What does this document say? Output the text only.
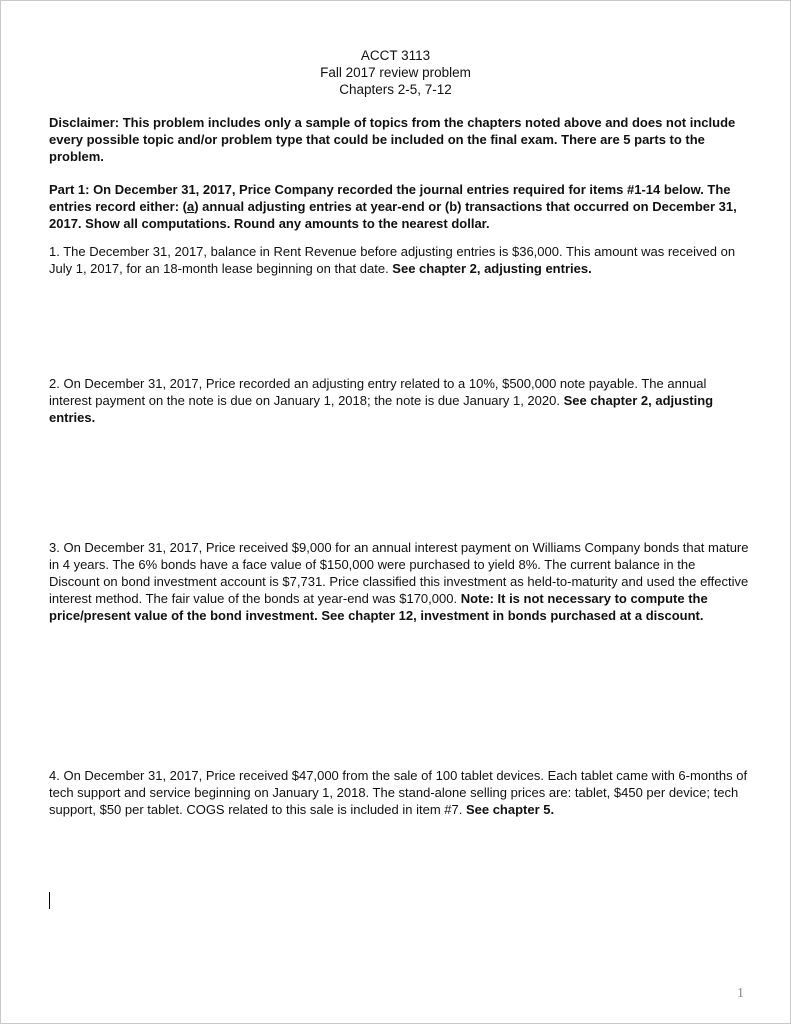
ACCT 3113
Fall 2017 review problem
Chapters 2-5, 7-12
Disclaimer: This problem includes only a sample of topics from the chapters noted above and does not include every possible topic and/or problem type that could be included on the final exam. There are 5 parts to the problem.
Part 1: On December 31, 2017, Price Company recorded the journal entries required for items #1-14 below. The entries record either: (a) annual adjusting entries at year-end or (b) transactions that occurred on December 31, 2017. Show all computations. Round any amounts to the nearest dollar.
1. The December 31, 2017, balance in Rent Revenue before adjusting entries is $36,000. This amount was received on July 1, 2017, for an 18-month lease beginning on that date. See chapter 2, adjusting entries.
2. On December 31, 2017, Price recorded an adjusting entry related to a 10%, $500,000 note payable. The annual interest payment on the note is due on January 1, 2018; the note is due January 1, 2020. See chapter 2, adjusting entries.
3. On December 31, 2017, Price received $9,000 for an annual interest payment on Williams Company bonds that mature in 4 years. The 6% bonds have a face value of $150,000 were purchased to yield 8%. The current balance in the Discount on bond investment account is $7,731. Price classified this investment as held-to-maturity and used the effective interest method. The fair value of the bonds at year-end was $170,000. Note: It is not necessary to compute the price/present value of the bond investment. See chapter 12, investment in bonds purchased at a discount.
4. On December 31, 2017, Price received $47,000 from the sale of 100 tablet devices. Each tablet came with 6-months of tech support and service beginning on January 1, 2018. The stand-alone selling prices are: tablet, $450 per device; tech support, $50 per tablet. COGS related to this sale is included in item #7. See chapter 5.
1
